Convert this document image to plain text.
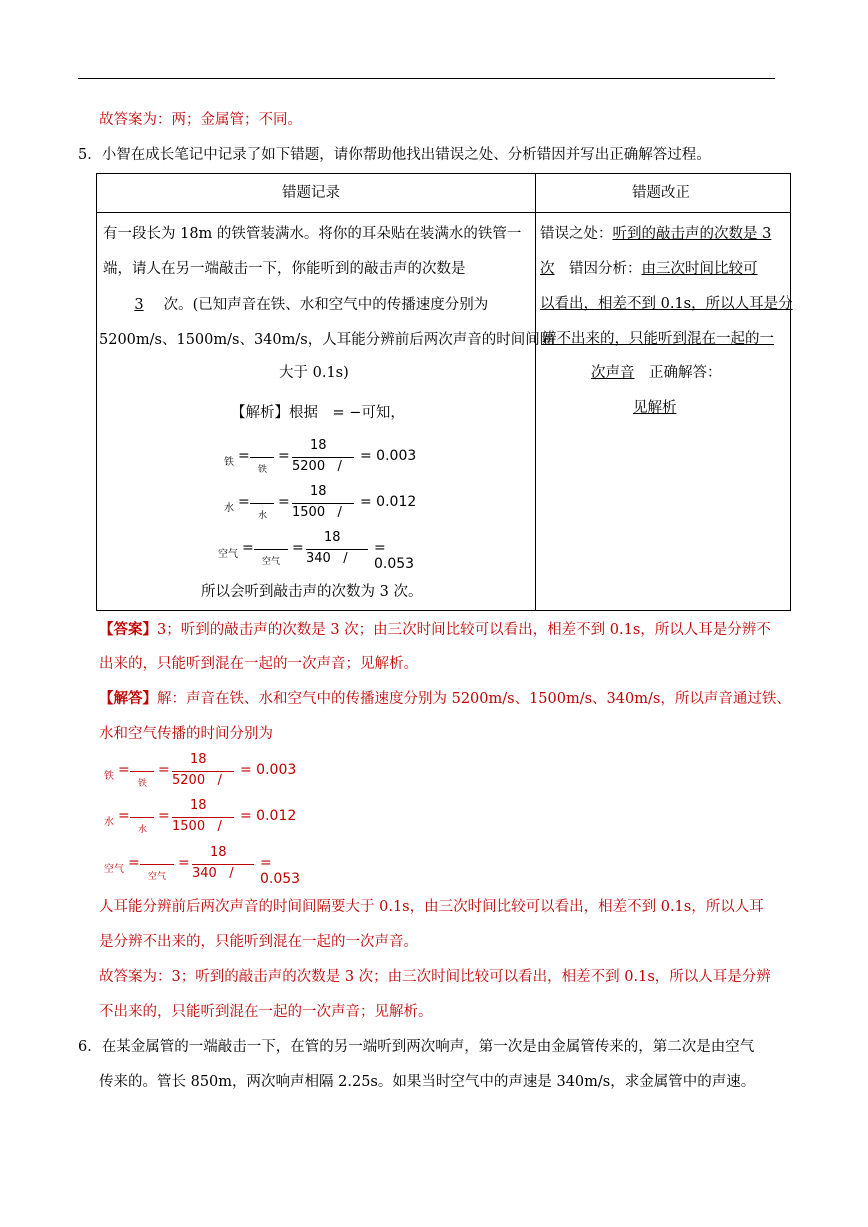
故答案为：两；金属管；不同。
5．小智在成长笔记中记录了如下错题，请你帮助他找出错误之处、分析错因并写出正确解答过程。
错题记录	错题改正
有一段长为 18m 的铁管装满水。将你的耳朵贴在装满水的铁管一
端，请人在另一端敲击一下，你能听到的敲击声的次数是
3 次。(已知声音在铁、水和空气中的传播速度分别为
5200m/s、1500m/s、340m/s，人耳能分辨前后两次声音的时间间隔
大于 0.1s)
【解析】根据　= −可知，
所以会听到敲击声的次数为 3 次。
错误之处：听到的敲击声的次数是 3
次　 错因分析：由三次时间比较可
以看出，相差不到 0.1s，所以人耳是分
辨不出来的，只能听到混在一起的一
次声音　 正确解答：
见解析
铁 =
铁
=
18
5200   /
= 0.003
水 =
水
=
18
1500   /
= 0.012
空气 =
空气
=
18
340   /
= 0.053
【答案】3；听到的敲击声的次数是 3 次；由三次时间比较可以看出，相差不到 0.1s，所以人耳是分辨不
出来的，只能听到混在一起的一次声音；见解析。
【解答】解：声音在铁、水和空气中的传播速度分别为 5200m/s、1500m/s、340m/s，所以声音通过铁、
水和空气传播的时间分别为
铁 =
铁
=
18
5200   /
= 0.003
水 =
水
=
18
1500   /
= 0.012
空气 =
空气
=
18
340   /
= 0.053
人耳能分辨前后两次声音的时间间隔要大于 0.1s，由三次时间比较可以看出，相差不到 0.1s，所以人耳
是分辨不出来的，只能听到混在一起的一次声音。
故答案为：3；听到的敲击声的次数是 3 次；由三次时间比较可以看出，相差不到 0.1s，所以人耳是分辨
不出来的，只能听到混在一起的一次声音；见解析。
6．在某金属管的一端敲击一下，在管的另一端听到两次响声，第一次是由金属管传来的，第二次是由空气
传来的。管长 850m，两次响声相隔 2.25s。如果当时空气中的声速是 340m/s，求金属管中的声速。
